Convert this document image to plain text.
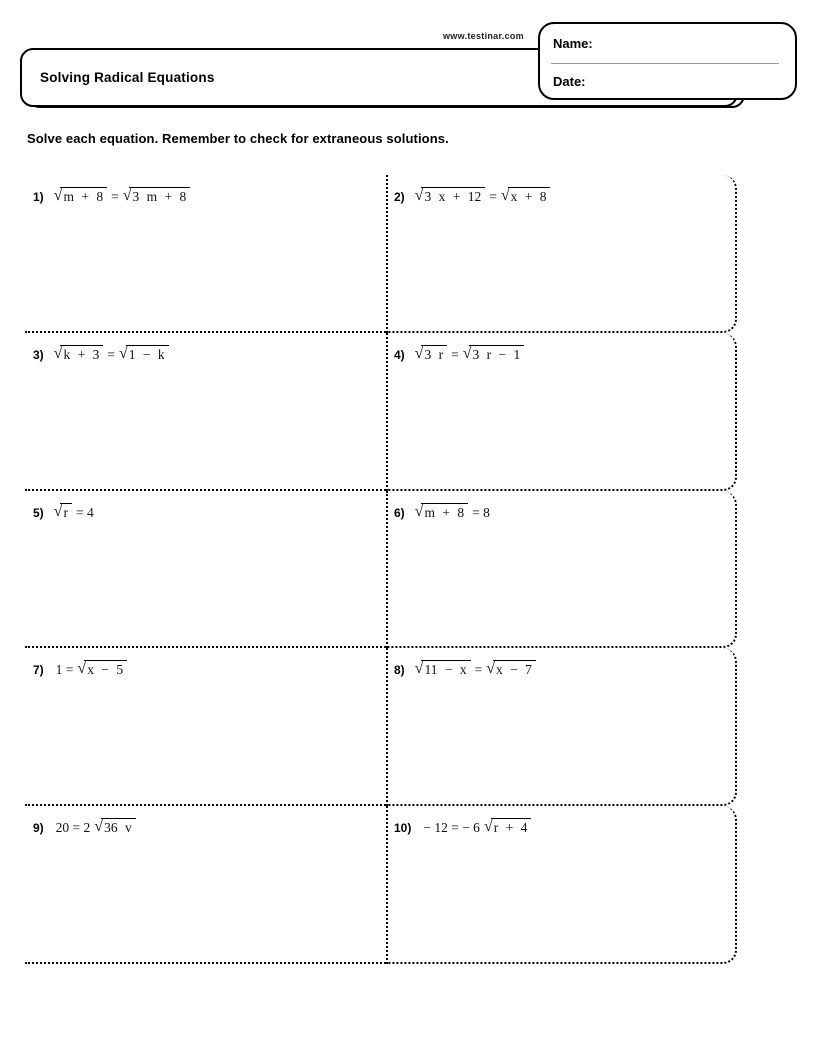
www.testinar.com
Solving Radical Equations
Name:
Date:
Solve each equation. Remember to check for extraneous solutions.
1) √m + 8 = √3 m + 8	2) √3 x + 12 = √x + 8
3) √k + 3 = √1 − k	4) √3 r = √3 r − 1
5) √r = 4	6) √m + 8 = 8
7) 1 = √x − 5	8) √11 − x = √x − 7
9) 20 = 2 √36 v	10) − 12 = − 6 √r + 4
